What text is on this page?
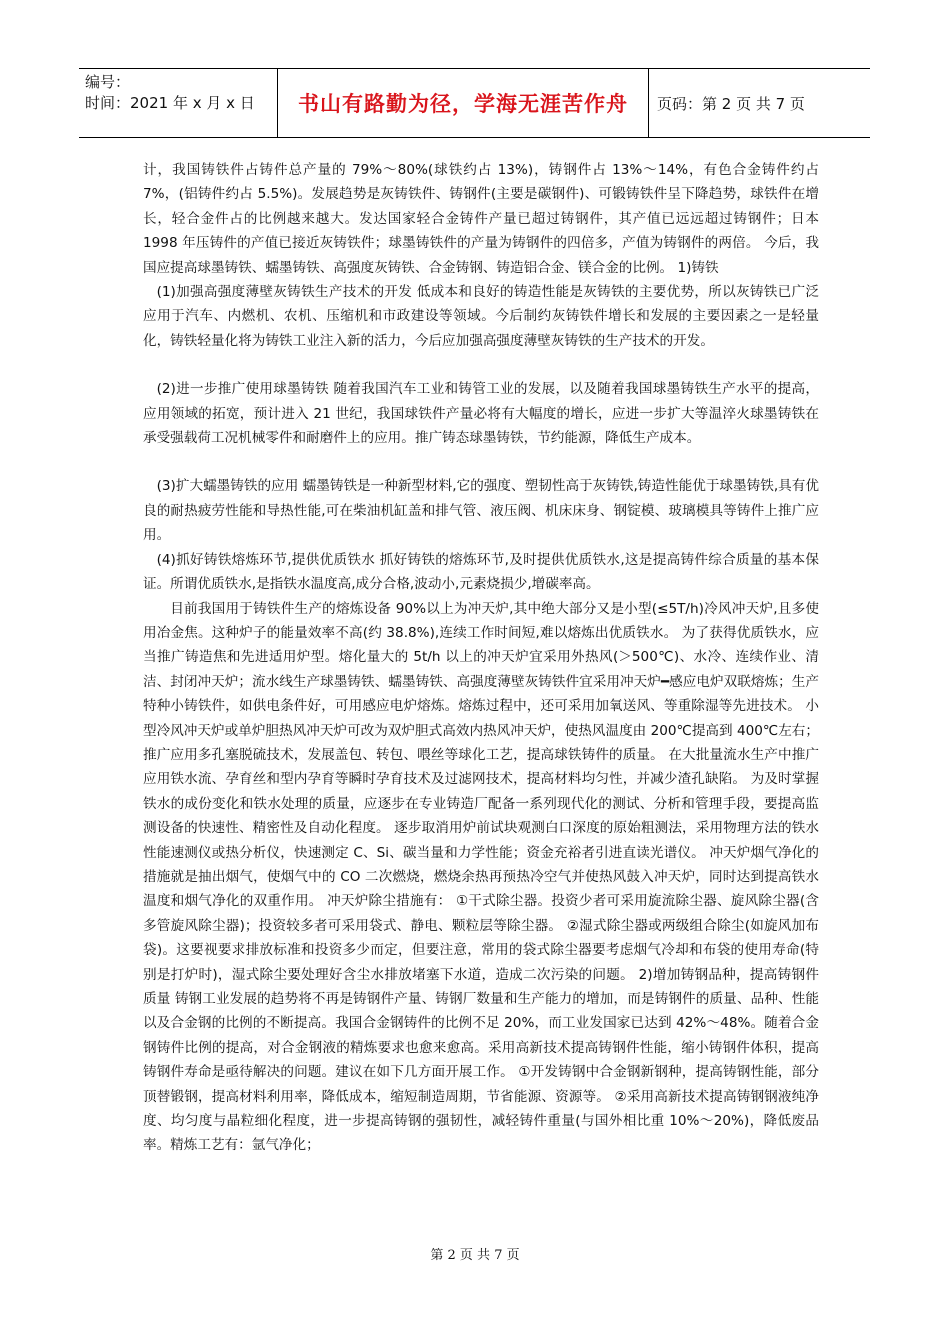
编号：
时间：2021 年 x 月 x 日	书山有路勤为径，学海无涯苦作舟	页码：第 2 页 共 7 页

计，我国铸铁件占铸件总产量的 79%～80%(球铁约占 13%)，铸钢件占 13%～14%，有色合金铸件约占 7%，(铝铸件约占 5.5%)。发展趋势是灰铸铁件、铸钢件(主要是碳钢件)、可锻铸铁件呈下降趋势，球铁件在增长，轻合金件占的比例越来越大。发达国家轻合金铸件产量已超过铸钢件，其产值已远远超过铸钢件；日本 1998 年压铸件的产值已接近灰铸铁件；球墨铸铁件的产量为铸钢件的四倍多，产值为铸钢件的两倍。 今后，我国应提高球墨铸铁、蠕墨铸铁、高强度灰铸铁、合金铸钢、铸造铝合金、镁合金的比例。 1)铸铁

(1)加强高强度薄壁灰铸铁生产技术的开发 低成本和良好的铸造性能是灰铸铁的主要优势，所以灰铸铁已广泛应用于汽车、内燃机、农机、压缩机和市政建设等领域。今后制约灰铸铁件增长和发展的主要因素之一是轻量化，铸铁轻量化将为铸铁工业注入新的活力，今后应加强高强度薄壁灰铸铁的生产技术的开发。

(2)进一步推广使用球墨铸铁 随着我国汽车工业和铸管工业的发展，以及随着我国球墨铸铁生产水平的提高，应用领域的拓宽，预计进入 21 世纪，我国球铁件产量必将有大幅度的增长，应进一步扩大等温淬火球墨铸铁在承受强载荷工况机械零件和耐磨件上的应用。推广铸态球墨铸铁，节约能源，降低生产成本。

(3)扩大蠕墨铸铁的应用 蠕墨铸铁是一种新型材料,它的强度、塑韧性高于灰铸铁,铸造性能优于球墨铸铁,具有优良的耐热疲劳性能和导热性能,可在柴油机缸盖和排气管、液压阀、机床床身、钢锭模、玻璃模具等铸件上推广应用。

(4)抓好铸铁熔炼环节,提供优质铁水 抓好铸铁的熔炼环节,及时提供优质铁水,这是提高铸件综合质量的基本保证。所谓优质铁水,是指铁水温度高,成分合格,波动小,元素烧损少,增碳率高。

目前我国用于铸铁件生产的熔炼设备 90%以上为冲天炉,其中绝大部分又是小型(≤5T/h)冷风冲天炉,且多使用冶金焦。这种炉子的能量效率不高(约 38.8%),连续工作时间短,难以熔炼出优质铁水。 为了获得优质铁水，应当推广铸造焦和先进适用炉型。熔化量大的 5t/h 以上的冲天炉宜采用外热风(＞500℃)、水冷、连续作业、清洁、封闭冲天炉；流水线生产球墨铸铁、蠕墨铸铁、高强度薄壁灰铸铁件宜采用冲天炉━感应电炉双联熔炼；生产特种小铸铁件，如供电条件好，可用感应电炉熔炼。熔炼过程中，还可采用加氧送风、等重除湿等先进技术。 小型冷风冲天炉或单炉胆热风冲天炉可改为双炉胆式高效内热风冲天炉，使热风温度由 200℃提高到 400℃左右；推广应用多孔塞脱硫技术，发展盖包、转包、喂丝等球化工艺，提高球铁铸件的质量。 在大批量流水生产中推广应用铁水流、孕育丝和型内孕育等瞬时孕育技术及过滤网技术，提高材料均匀性，并减少渣孔缺陷。 为及时掌握铁水的成份变化和铁水处理的质量，应逐步在专业铸造厂配备一系列现代化的测试、分析和管理手段，要提高监测设备的快速性、精密性及自动化程度。 逐步取消用炉前试块观测白口深度的原始粗测法，采用物理方法的铁水性能速测仪或热分析仪，快速测定 C、Si、碳当量和力学性能；资金充裕者引进直读光谱仪。 冲天炉烟气净化的措施就是抽出烟气，使烟气中的 CO 二次燃烧，燃烧余热再预热冷空气并使热风鼓入冲天炉，同时达到提高铁水温度和烟气净化的双重作用。 冲天炉除尘措施有： ①干式除尘器。投资少者可采用旋流除尘器、旋风除尘器(含多管旋风除尘器)；投资较多者可采用袋式、静电、颗粒层等除尘器。 ②湿式除尘器或两级组合除尘(如旋风加布袋)。这要视要求排放标准和投资多少而定，但要注意，常用的袋式除尘器要考虑烟气冷却和布袋的使用寿命(特别是打炉时)，湿式除尘要处理好含尘水排放堵塞下水道，造成二次污染的问题。 2)增加铸钢品种，提高铸钢件质量 铸钢工业发展的趋势将不再是铸钢件产量、铸钢厂数量和生产能力的增加，而是铸钢件的质量、品种、性能以及合金钢的比例的不断提高。我国合金钢铸件的比例不足 20%，而工业发国家已达到 42%～48%。随着合金钢铸件比例的提高，对合金钢液的精炼要求也愈来愈高。采用高新技术提高铸钢件性能，缩小铸钢件体积，提高铸钢件寿命是亟待解决的问题。建议在如下几方面开展工作。 ①开发铸钢中合金钢新钢种，提高铸钢性能，部分顶替锻钢，提高材料利用率，降低成本，缩短制造周期，节省能源、资源等。 ②采用高新技术提高铸钢钢液纯净度、均匀度与晶粒细化程度，进一步提高铸钢的强韧性，减轻铸件重量(与国外相比重 10%～20%)，降低废品率。精炼工艺有：氩气净化；

第 2 页 共 7 页
